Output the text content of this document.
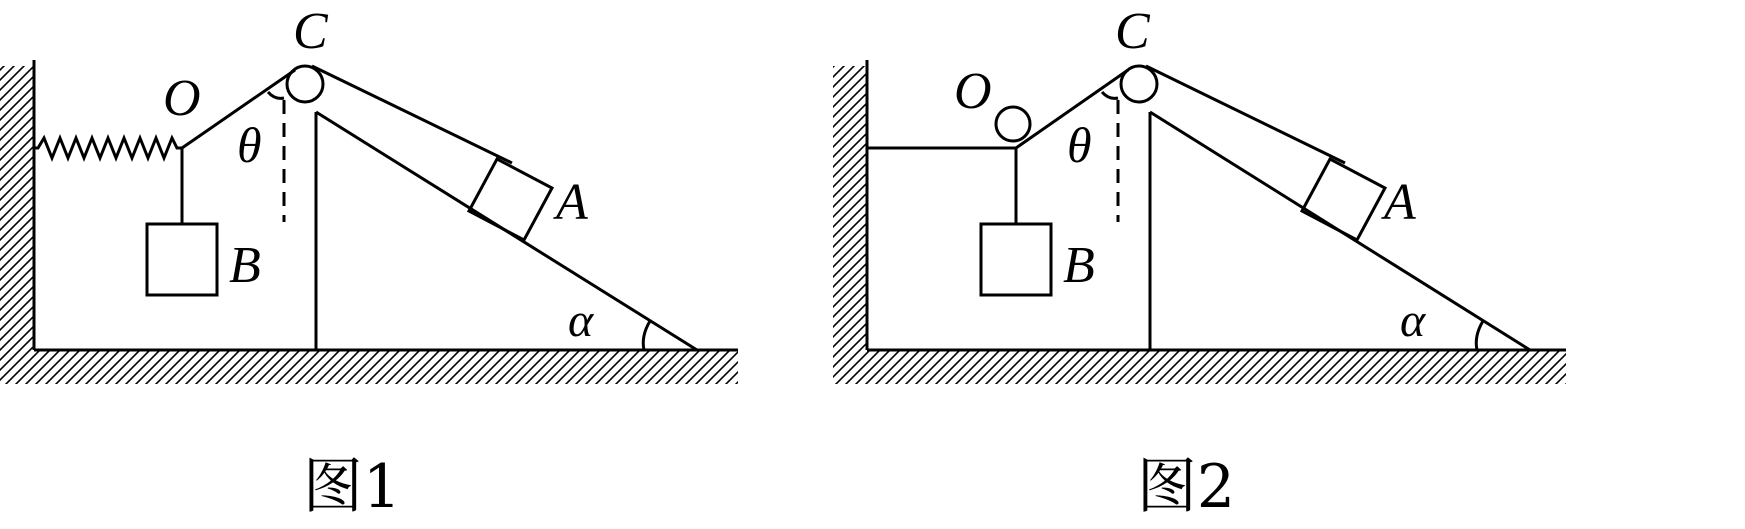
C
O
θ
A
B
α
图1
C
O
θ
A
B
α
图2
